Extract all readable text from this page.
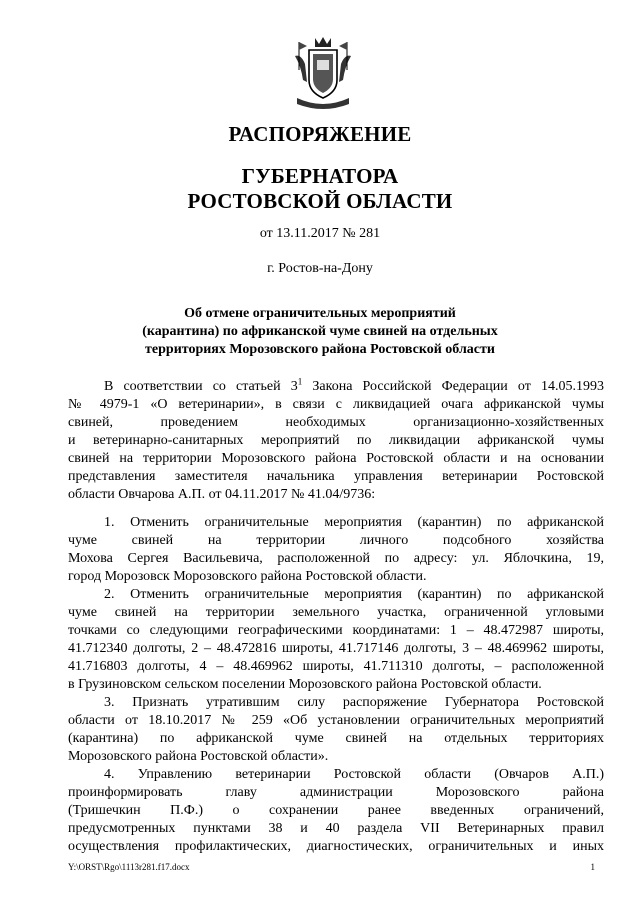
РАСПОРЯЖЕНИЕ
ГУБЕРНАТОРА
РОСТОВСКОЙ ОБЛАСТИ
от 13.11.2017 № 281
г. Ростов-на-Дону
Об отмене ограничительных мероприятий
(карантина) по африканской чуме свиней на отдельных
территориях Морозовского района Ростовской области
В соответствии со статьей $3^1$ Закона Российской Федерации от 14.05.1993
№ 4979-1 «О ветеринарии», в связи с ликвидацией очага африканской чумы
свиней, проведением необходимых организационно-хозяйственных
и ветеринарно-санитарных мероприятий по ликвидации африканской чумы
свиней на территории Морозовского района Ростовской области и на основании
представления заместителя начальника управления ветеринарии Ростовской
области Овчарова А.П. от 04.11.2017 № 41.04/9736:
1. Отменить ограничительные мероприятия (карантин) по африканской
чуме свиней на территории личного подсобного хозяйства
Мохова Сергея Васильевича, расположенной по адресу: ул. Яблочкина, 19,
город Морозовск Морозовского района Ростовской области.
2. Отменить ограничительные мероприятия (карантин) по африканской
чуме свиней на территории земельного участка, ограниченной угловыми
точками со следующими географическими координатами: 1 – 48.472987 широты,
41.712340 долготы, 2 – 48.472816 широты, 41.717146 долготы, 3 – 48.469962 широты,
41.716803 долготы, 4 – 48.469962 широты, 41.711310 долготы, – расположенной
в Грузиновском сельском поселении Морозовского района Ростовской области.
3. Признать утратившим силу распоряжение Губернатора Ростовской
области от 18.10.2017 № 259 «Об установлении ограничительных мероприятий
(карантина) по африканской чуме свиней на отдельных территориях
Морозовского района Ростовской области».
4. Управлению ветеринарии Ростовской области (Овчаров А.П.)
проинформировать главу администрации Морозовского района
(Тришечкин П.Ф.) о сохранении ранее введенных ограничений,
предусмотренных пунктами 38 и 40 раздела VII Ветеринарных правил
осуществления профилактических, диагностических, ограничительных и иных
Y:\ORST\Rgo\1113r281.f17.docx	1
